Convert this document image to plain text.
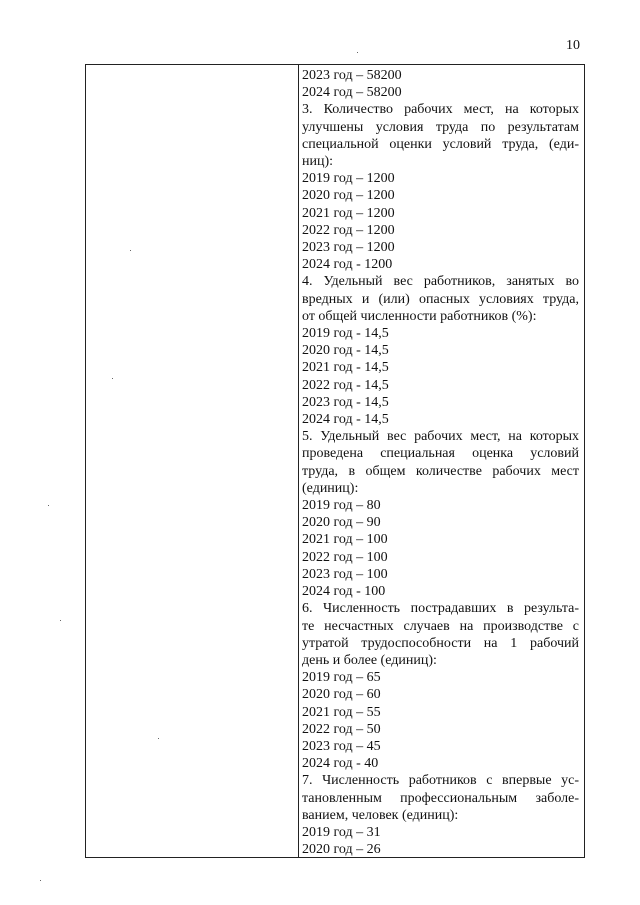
10
2023 год – 58200
2024 год – 58200
3. Количество рабочих мест, на которых
улучшены условия труда по результатам
специальной оценки условий труда, (еди-
ниц):
2019 год – 1200
2020 год – 1200
2021 год – 1200
2022 год – 1200
2023 год – 1200
2024 год - 1200
4. Удельный вес работников, занятых во
вредных и (или) опасных условиях труда,
от общей численности работников (%):
2019 год - 14,5
2020 год - 14,5
2021 год - 14,5
2022 год - 14,5
2023 год - 14,5
2024 год - 14,5
5. Удельный вес рабочих мест, на которых
проведена специальная оценка условий
труда, в общем количестве рабочих мест
(единиц):
2019 год – 80
2020 год – 90
2021 год – 100
2022 год – 100
2023 год – 100
2024 год - 100
6. Численность пострадавших в результа-
те несчастных случаев на производстве с
утратой трудоспособности на 1 рабочий
день и более (единиц):
2019 год – 65
2020 год – 60
2021 год – 55
2022 год – 50
2023 год – 45
2024 год - 40
7. Численность работников с впервые ус-
тановленным профессиональным заболе-
ванием, человек (единиц):
2019 год – 31
2020 год – 26
